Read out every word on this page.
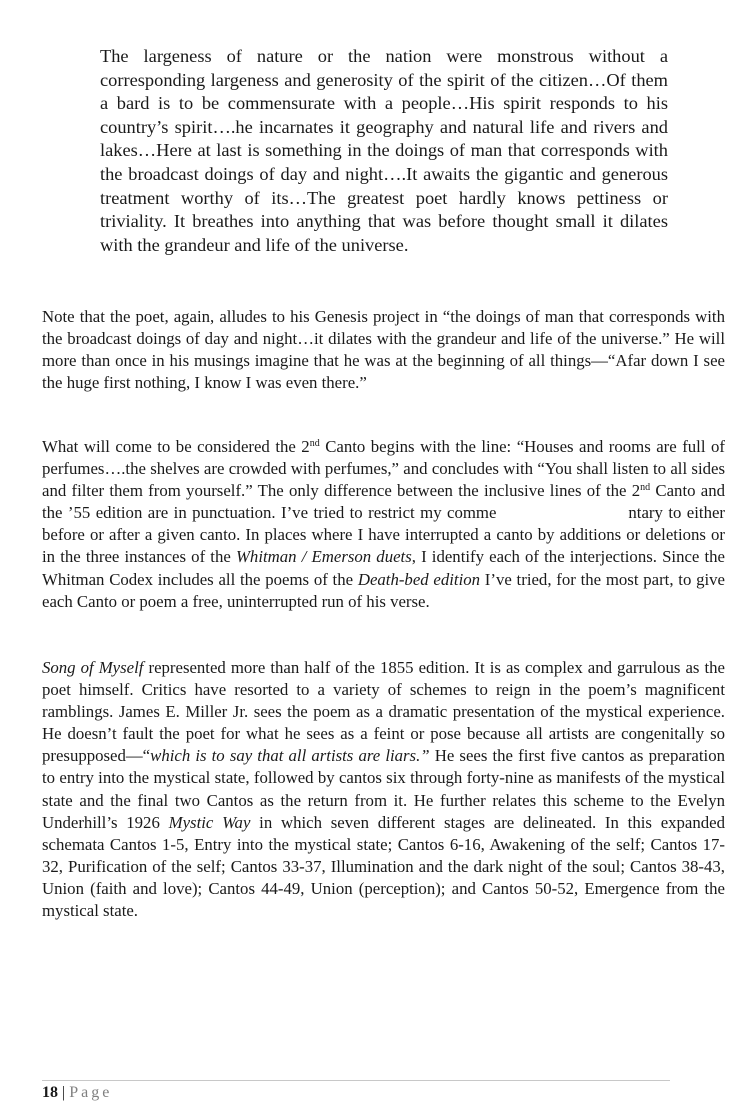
The largeness of nature or the nation were monstrous without a corresponding largeness and generosity of the spirit of the citizen…Of them a bard is to be commensurate with a people…His spirit responds to his country’s spirit….he incarnates it geography and natural life and rivers and lakes…Here at last is something in the doings of man that corresponds with the broadcast doings of day and night….It awaits the gigantic and generous treatment worthy of its…The greatest poet hardly knows pettiness or triviality. It breathes into anything that was before thought small it dilates with the grandeur and life of the universe.

Note that the poet, again, alludes to his Genesis project in “the doings of man that corresponds with the broadcast doings of day and night…it dilates with the grandeur and life of the universe.” He will more than once in his musings imagine that he was at the beginning of all things—“Afar down I see the huge first nothing, I know I was even there.”

What will come to be considered the 2nd Canto begins with the line: “Houses and rooms are full of perfumes….the shelves are crowded with perfumes,” and concludes with “You shall listen to all sides and filter them from yourself.” The only difference between the inclusive lines of the 2nd Canto and the ’55 edition are in punctuation. I’ve tried to restrict my comme	ntary to either before or after a given canto. In places where I have interrupted a canto by additions or deletions or in the three instances of the Whitman / Emerson duets, I identify each of the interjections. Since the Whitman Codex includes all the poems of the Death-bed edition I’ve tried, for the most part, to give each Canto or poem a free, uninterrupted run of his verse.

Song of Myself represented more than half of the 1855 edition. It is as complex and garrulous as the poet himself. Critics have resorted to a variety of schemes to reign in the poem’s magnificent ramblings. James E. Miller Jr. sees the poem as a dramatic presentation of the mystical experience. He doesn’t fault the poet for what he sees as a feint or pose because all artists are congenitally so presupposed—“which is to say that all artists are liars.” He sees the first five cantos as preparation to entry into the mystical state, followed by cantos six through forty-nine as manifests of the mystical state and the final two Cantos as the return from it. He further relates this scheme to the Evelyn Underhill’s 1926 Mystic Way in which seven different stages are delineated. In this expanded schemata Cantos 1-5, Entry into the mystical state; Cantos 6-16, Awakening of the self; Cantos 17-32, Purification of the self; Cantos 33-37, Illumination and the dark night of the soul; Cantos 38-43, Union (faith and love); Cantos 44-49, Union (perception); and Cantos 50-52, Emergence from the mystical state.

18 | Page
